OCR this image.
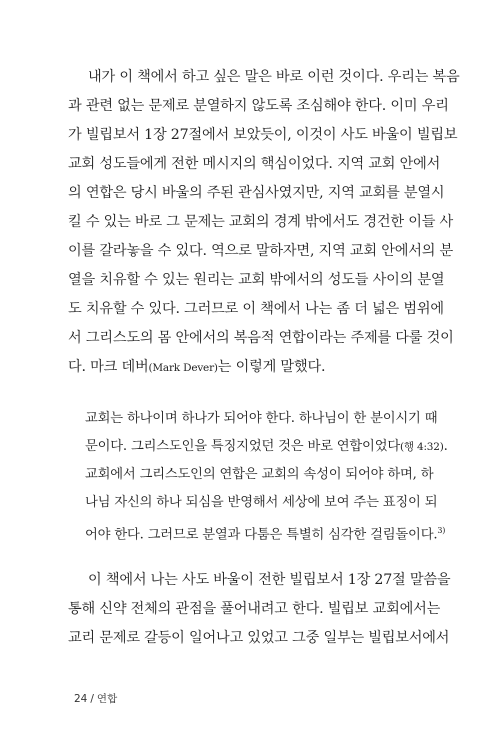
내가 이 책에서 하고 싶은 말은 바로 이런 것이다. 우리는 복음
과 관련 없는 문제로 분열하지 않도록 조심해야 한다. 이미 우리
가 빌립보서 1장 27절에서 보았듯이, 이것이 사도 바울이 빌립보
교회 성도들에게 전한 메시지의 핵심이었다. 지역 교회 안에서
의 연합은 당시 바울의 주된 관심사였지만, 지역 교회를 분열시
킬 수 있는 바로 그 문제는 교회의 경계 밖에서도 경건한 이들 사
이를 갈라놓을 수 있다. 역으로 말하자면, 지역 교회 안에서의 분
열을 치유할 수 있는 원리는 교회 밖에서의 성도들 사이의 분열
도 치유할 수 있다. 그러므로 이 책에서 나는 좀 더 넓은 범위에
서 그리스도의 몸 안에서의 복음적 연합이라는 주제를 다룰 것이
다. 마크 데버(Mark Dever)는 이렇게 말했다.
교회는 하나이며 하나가 되어야 한다. 하나님이 한 분이시기 때
문이다. 그리스도인을 특징지었던 것은 바로 연합이었다(행 4:32).
교회에서 그리스도인의 연합은 교회의 속성이 되어야 하며, 하
나님 자신의 하나 되심을 반영해서 세상에 보여 주는 표징이 되
어야 한다. 그러므로 분열과 다툼은 특별히 심각한 걸림돌이다.$^{3)}$
이 책에서 나는 사도 바울이 전한 빌립보서 1장 27절 말씀을
통해 신약 전체의 관점을 풀어내려고 한다. 빌립보 교회에서는
교리 문제로 갈등이 일어나고 있었고 그중 일부는 빌립보서에서
24 / 연합
